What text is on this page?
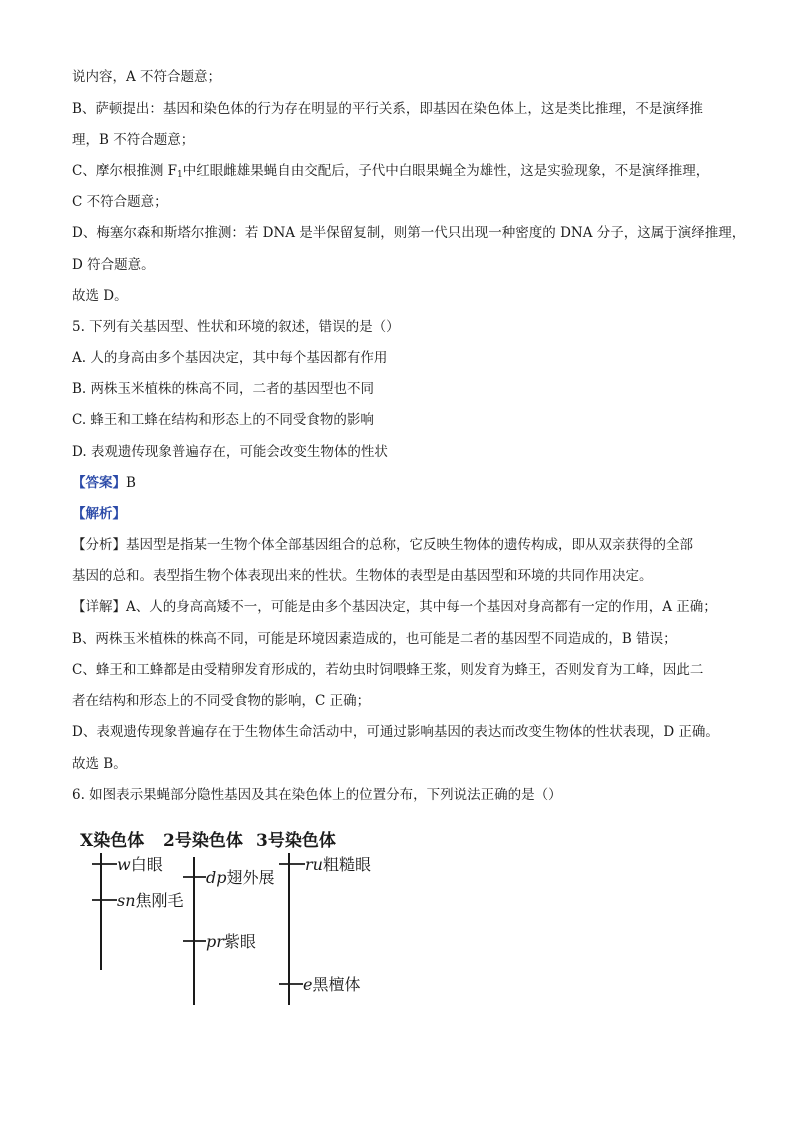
说内容，A 不符合题意；
B、萨顿提出：基因和染色体的行为存在明显的平行关系，即基因在染色体上，这是类比推理，不是演绎推
理，B 不符合题意；
C、摩尔根推测 $F_1$中红眼雌雄果蝇自由交配后，子代中白眼果蝇全为雄性，这是实验现象，不是演绎推理，
C 不符合题意；
D、梅塞尔森和斯塔尔推测：若 DNA 是半保留复制，则第一代只出现一种密度的 DNA 分子，这属于演绎推理，
D 符合题意。
故选 D。
5. 下列有关基因型、性状和环境的叙述，错误的是（）
A. 人的身高由多个基因决定，其中每个基因都有作用
B. 两株玉米植株的株高不同，二者的基因型也不同
C. 蜂王和工蜂在结构和形态上的不同受食物的影响
D. 表观遗传现象普遍存在，可能会改变生物体的性状
【答案】B
【解析】
【分析】基因型是指某一生物个体全部基因组合的总称，它反映生物体的遗传构成，即从双亲获得的全部
基因的总和。表型指生物个体表现出来的性状。生物体的表型是由基因型和环境的共同作用决定。
【详解】A、人的身高高矮不一，可能是由多个基因决定，其中每一个基因对身高都有一定的作用，A 正确；
B、两株玉米植株的株高不同，可能是环境因素造成的，也可能是二者的基因型不同造成的，B 错误；
C、蜂王和工蜂都是由受精卵发育形成的，若幼虫时饲喂蜂王浆，则发育为蜂王，否则发育为工峰，因此二
者在结构和形态上的不同受食物的影响，C 正确；
D、表观遗传现象普遍存在于生物体生命活动中，可通过影响基因的表达而改变生物体的性状表现，D 正确。
故选 B。
6. 如图表示果蝇部分隐性基因及其在染色体上的位置分布，下列说法正确的是（）
X染色体 2号染色体 3号染色体
w白眼
sn焦刚毛
dp翅外展
pr紫眼
ru粗糙眼
e黑檀体
